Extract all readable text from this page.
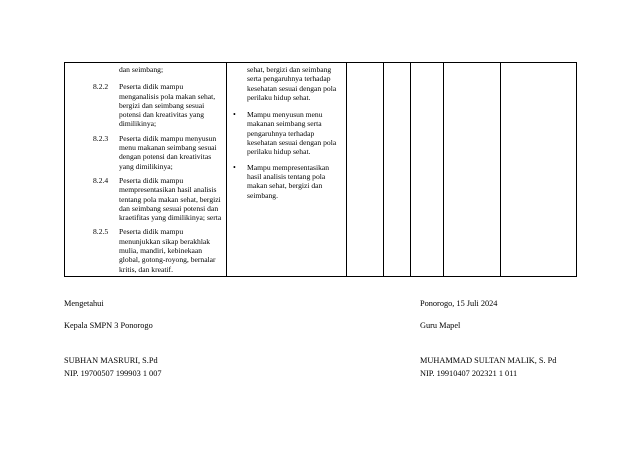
dan seimbang;
8.2.2	Peserta didik mampu menganalisis pola makan sehat, bergizi dan seimbang sesuai potensi dan kreativitas yang dimilikinya;
8.2.3	Peserta didik mampu menyusun menu makanan seimbang sesuai dengan potensi dan kreativitas yang dimilikinya;
8.2.4	Peserta didik mampu mempresentasikan hasil analisis tentang pola makan sehat, bergizi dan seimbang sesuai potensi dan kraetifitas yang dimilikinya; serta
8.2.5	Peserta didik mampu menunjukkan sikap berakhlak mulia, mandiri, kebinekaan global, gotong-royong, bernalar kritis, dan kreatif.

sehat, bergizi dan seimbang serta pengaruhnya terhadap kesehatan sesuai dengan pola perilaku hidup sehat.
•	Mampu menyusun menu makanan seimbang serta pengaruhnya terhadap kesehatan sesuai dengan pola perilaku hidup sehat.
•	Mampu mempresentasikan hasil analisis tentang pola makan sehat, bergizi dan seimbang.

Mengetahui
Kepala SMPN 3 Ponorogo
SUBHAN MASRURI, S.Pd
NIP. 19700507 199903 1 007
Ponorogo, 15 Juli 2024
Guru Mapel
MUHAMMAD SULTAN MALIK, S. Pd
NIP. 19910407 202321 1 011
